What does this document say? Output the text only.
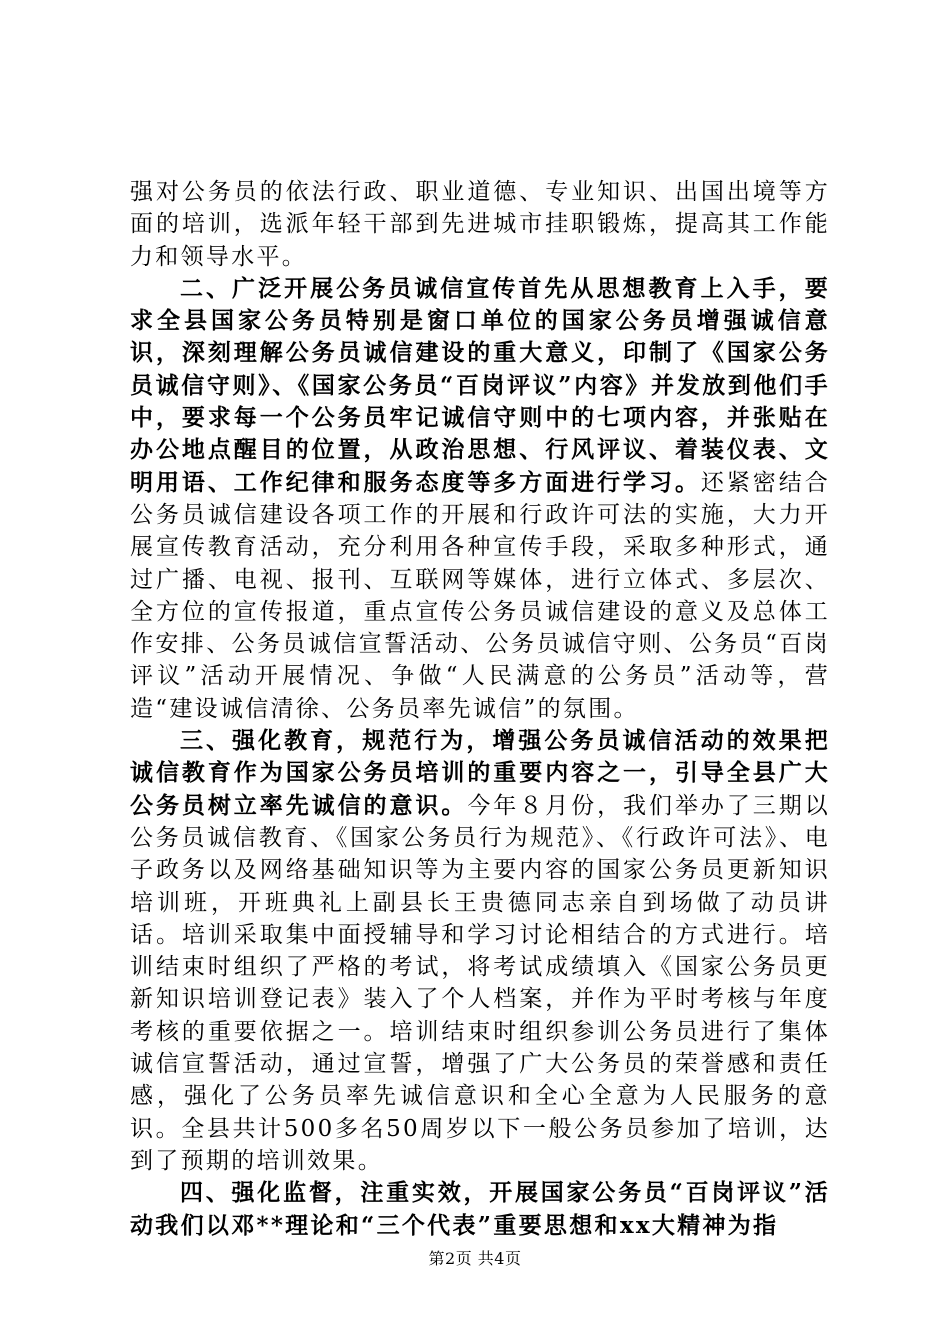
强对公务员的依法行政、职业道德、专业知识、出国出境等方面的培训，选派年轻干部到先进城市挂职锻炼，提高其工作能力和领导水平。

二、广泛开展公务员诚信宣传首先从思想教育上入手，要求全县国家公务员特别是窗口单位的国家公务员增强诚信意识，深刻理解公务员诚信建设的重大意义，印制了《国家公务员诚信守则》、《国家公务员“百岗评议”内容》并发放到他们手中，要求每一个公务员牢记诚信守则中的七项内容，并张贴在办公地点醒目的位置，从政治思想、行风评议、着装仪表、文明用语、工作纪律和服务态度等多方面进行学习。还紧密结合公务员诚信建设各项工作的开展和行政许可法的实施，大力开展宣传教育活动，充分利用各种宣传手段，采取多种形式，通过广播、电视、报刊、互联网等媒体，进行立体式、多层次、全方位的宣传报道，重点宣传公务员诚信建设的意义及总体工作安排、公务员诚信宣誓活动、公务员诚信守则、公务员“百岗评议”活动开展情况、争做“人民满意的公务员”活动等，营造“建设诚信清徐、公务员率先诚信”的氛围。

三、强化教育，规范行为，增强公务员诚信活动的效果把诚信教育作为国家公务员培训的重要内容之一，引导全县广大公务员树立率先诚信的意识。今年８月份，我们举办了三期以公务员诚信教育、《国家公务员行为规范》、《行政许可法》、电子政务以及网络基础知识等为主要内容的国家公务员更新知识培训班，开班典礼上副县长王贵德同志亲自到场做了动员讲话。培训采取集中面授辅导和学习讨论相结合的方式进行。培训结束时组织了严格的考试，将考试成绩填入《国家公务员更新知识培训登记表》装入了个人档案，并作为平时考核与年度考核的重要依据之一。培训结束时组织参训公务员进行了集体诚信宣誓活动，通过宣誓，增强了广大公务员的荣誉感和责任感，强化了公务员率先诚信意识和全心全意为人民服务的意识。全县共计500多名50周岁以下一般公务员参加了培训，达到了预期的培训效果。

四、强化监督，注重实效，开展国家公务员“百岗评议”活动我们以邓**理论和“三个代表”重要思想和xx大精神为指

第2页 共4页
